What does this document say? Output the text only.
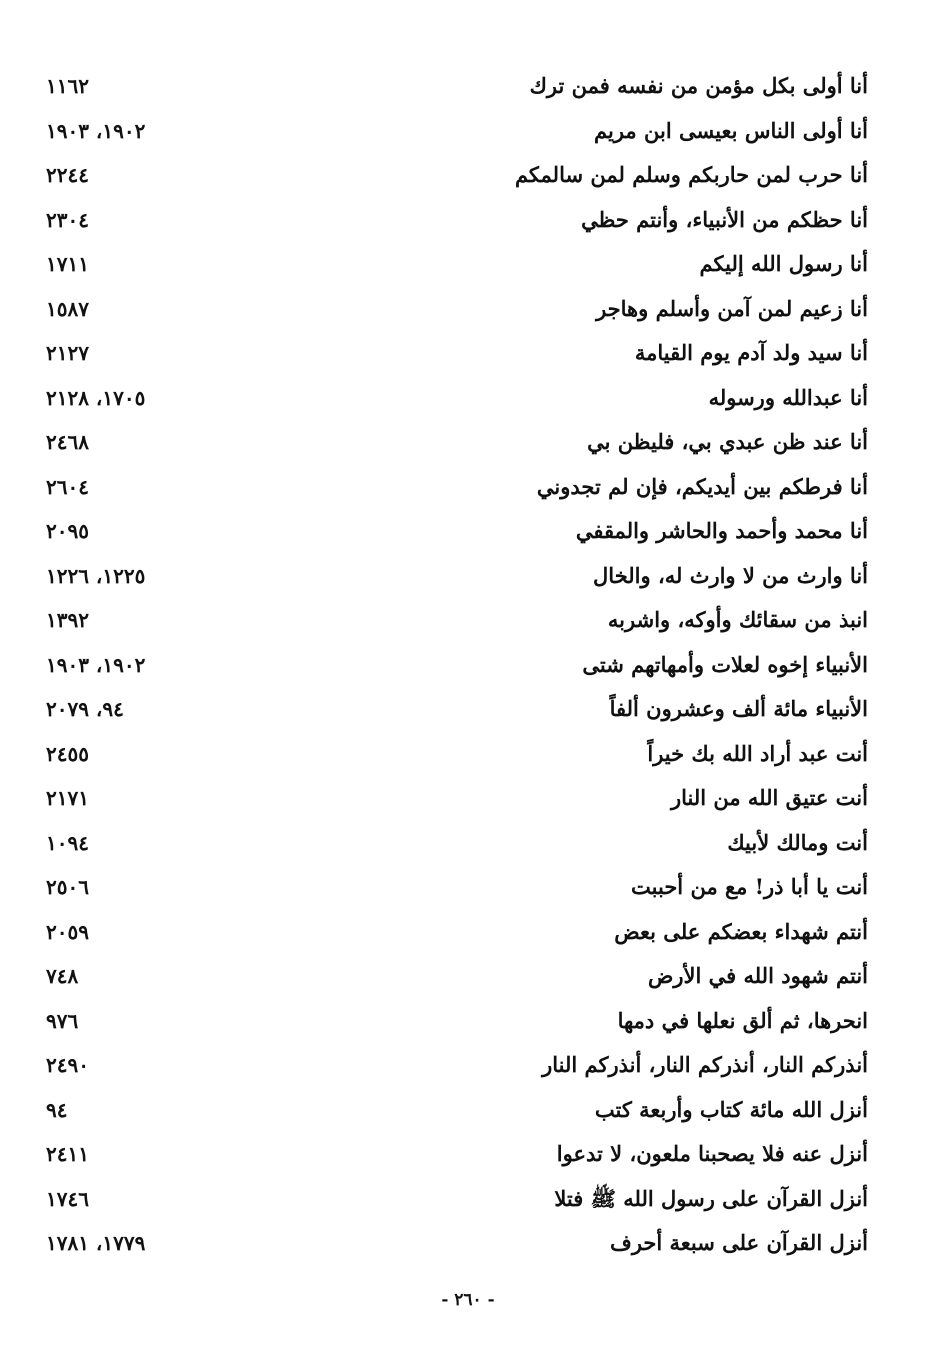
أنا أولى بكل مؤمن من نفسه فمن ترك
١١٦٢
أنا أولى الناس بعيسى ابن مريم
١٩٠٢، ١٩٠٣
أنا حرب لمن حاربكم وسلم لمن سالمكم
٢٢٤٤
أنا حظكم من الأنبياء، وأنتم حظي
٢٣٠٤
أنا رسول الله إليكم
١٧١١
أنا زعيم لمن آمن وأسلم وهاجر
١٥٨٧
أنا سيد ولد آدم يوم القيامة
٢١٢٧
أنا عبدالله ورسوله
١٧٠٥، ٢١٢٨
أنا عند ظن عبدي بي، فليظن بي
٢٤٦٨
أنا فرطكم بين أيديكم، فإن لم تجدوني
٢٦٠٤
أنا محمد وأحمد والحاشر والمقفي
٢٠٩٥
أنا وارث من لا وارث له، والخال
١٢٢٥، ١٢٢٦
انبذ من سقائك وأوكه، واشربه
١٣٩٢
الأنبياء إخوه لعلات وأمهاتهم شتى
١٩٠٢، ١٩٠٣
الأنبياء مائة ألف وعشرون ألفاً
٩٤، ٢٠٧٩
أنت عبد أراد الله بك خيراً
٢٤٥٥
أنت عتيق الله من النار
٢١٧١
أنت ومالك لأبيك
١٠٩٤
أنت يا أبا ذر! مع من أحببت
٢٥٠٦
أنتم شهداء بعضكم على بعض
٢٠٥٩
أنتم شهود الله في الأرض
٧٤٨
انحرها، ثم ألق نعلها في دمها
٩٧٦
أنذركم النار، أنذركم النار، أنذركم النار
٢٤٩٠
أنزل الله مائة كتاب وأربعة كتب
٩٤
أنزل عنه فلا يصحبنا ملعون، لا تدعوا
٢٤١١
أنزل القرآن على رسول الله ﷺ فتلا
١٧٤٦
أنزل القرآن على سبعة أحرف
١٧٧٩، ١٧٨١
- ٢٦٠ -
